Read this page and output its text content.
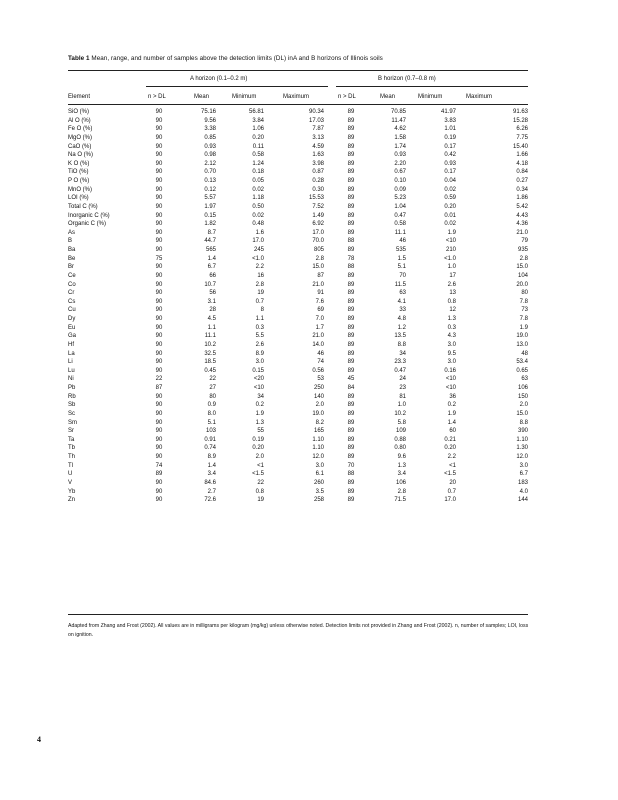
Table 1 Mean, range, and number of samples above the detection limits (DL) inA and B horizons of Illinois soils
A horizon (0.1–0.2 m)	B horizon (0.7–0.8 m)
Element	n > DL	Mean	Minimum	Maximum	n > DL	Mean	Minimum	Maximum
SiO (%)	90	75.16	56.81	90.34		89	70.85	41.97	91.63
Al O (%)	90	9.56	3.84	17.03		89	11.47	3.83	15.28
Fe O (%)	90	3.38	1.06	7.87		89	4.62	1.01	6.26
MgO (%)	90	0.85	0.20	3.13		89	1.58	0.19	7.75
CaO (%)	90	0.93	0.11	4.59		89	1.74	0.17	15.40
Na O (%)	90	0.98	0.58	1.63		89	0.93	0.42	1.66
K O (%)	90	2.12	1.24	3.98		89	2.20	0.93	4.18
TiO (%)	90	0.70	0.18	0.87		89	0.67	0.17	0.84
P O (%)	90	0.13	0.05	0.28		89	0.10	0.04	0.27
MnO (%)	90	0.12	0.02	0.30		89	0.09	0.02	0.34
LOI (%)	90	5.57	1.18	15.53		89	5.23	0.59	1.86
Total C (%)	90	1.97	0.50	7.52		89	1.04	0.20	5.42
Inorganic C (%)	90	0.15	0.02	1.49		89	0.47	0.01	4.43
Organic C (%)	90	1.82	0.48	6.92		89	0.58	0.02	4.36
As	90	8.7	1.6	17.0		89	11.1	1.9	21.0
B	90	44.7	17.0	70.0		88	46	<10	79
Ba	90	565	245	805		89	535	210	935
Be	75	1.4	<1.0	2.8		78	1.5	<1.0	2.8
Br	90	6.7	2.2	15.0		88	5.1	1.0	15.0
Ce	90	66	16	87		89	70	17	104
Co	90	10.7	2.8	21.0		89	11.5	2.6	20.0
Cr	90	56	19	91		89	63	13	80
Cs	90	3.1	0.7	7.6		89	4.1	0.8	7.8
Cu	90	28	8	69		89	33	12	73
Dy	90	4.5	1.1	7.0		89	4.8	1.3	7.8
Eu	90	1.1	0.3	1.7		89	1.2	0.3	1.9
Ga	90	11.1	5.5	21.0		89	13.5	4.3	19.0
Hf	90	10.2	2.6	14.0		89	8.8	3.0	13.0
La	90	32.5	8.9	46		89	34	9.5	48
Li	90	18.5	3.0	74		89	23.3	3.0	53.4
Lu	90	0.45	0.15	0.56		89	0.47	0.16	0.65
Ni	22	22	<20	53		45	24	<10	63
Pb	87	27	<10	250		84	23	<10	106
Rb	90	80	34	140		89	81	36	150
Sb	90	0.9	0.2	2.0		89	1.0	0.2	2.0
Sc	90	8.0	1.9	19.0		89	10.2	1.9	15.0
Sm	90	5.1	1.3	8.2		89	5.8	1.4	8.8
Sr	90	103	55	165		89	109	60	390
Ta	90	0.91	0.19	1.10		89	0.88	0.21	1.10
Tb	90	0.74	0.20	1.10		89	0.80	0.20	1.30
Th	90	8.9	2.0	12.0		89	9.6	2.2	12.0
Tl	74	1.4	<1	3.0		70	1.3	<1	3.0
U	89	3.4	<1.5	6.1		88	3.4	<1.5	6.7
V	90	84.6	22	260		89	106	20	183
Yb	90	2.7	0.8	3.5		89	2.8	0.7	4.0
Zn	90	72.6	19	258		89	71.5	17.0	144
Adapted from Zhang and Frost (2002). All values are in milligrams per kilogram (mg/kg) unless otherwise noted. Detection limits not provided in Zhang and Frost (2002). n, number of samples; LOI, loss on ignition.
4
